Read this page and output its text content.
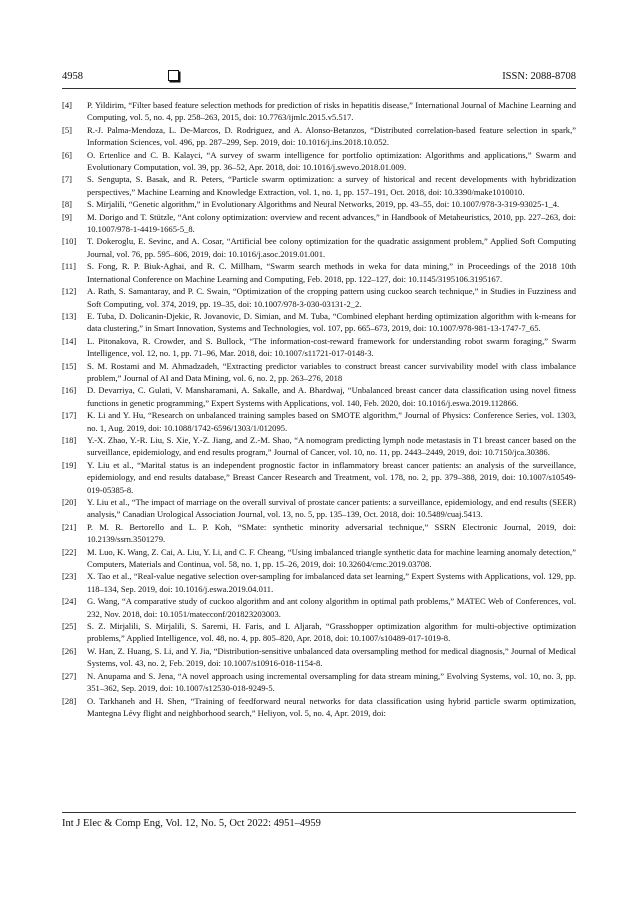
4958	ISSN: 2088-8708
[4] P. Yildirim, “Filter based feature selection methods for prediction of risks in hepatitis disease,” International Journal of Machine Learning and Computing, vol. 5, no. 4, pp. 258–263, 2015, doi: 10.7763/ijmlc.2015.v5.517.
[5] R.-J. Palma-Mendoza, L. De-Marcos, D. Rodriguez, and A. Alonso-Betanzos, “Distributed correlation-based feature selection in spark,” Information Sciences, vol. 496, pp. 287–299, Sep. 2019, doi: 10.1016/j.ins.2018.10.052.
[6] O. Ertenlice and C. B. Kalayci, “A survey of swarm intelligence for portfolio optimization: Algorithms and applications,” Swarm and Evolutionary Computation, vol. 39, pp. 36–52, Apr. 2018, doi: 10.1016/j.swevo.2018.01.009.
[7] S. Sengupta, S. Basak, and R. Peters, “Particle swarm optimization: a survey of historical and recent developments with hybridization perspectives,” Machine Learning and Knowledge Extraction, vol. 1, no. 1, pp. 157–191, Oct. 2018, doi: 10.3390/make1010010.
[8] S. Mirjalili, “Genetic algorithm,” in Evolutionary Algorithms and Neural Networks, 2019, pp. 43–55, doi: 10.1007/978-3-319-93025-1_4.
[9] M. Dorigo and T. Stützle, “Ant colony optimization: overview and recent advances,” in Handbook of Metaheuristics, 2010, pp. 227–263, doi: 10.1007/978-1-4419-1665-5_8.
[10] T. Dokeroglu, E. Sevinc, and A. Cosar, “Artificial bee colony optimization for the quadratic assignment problem,” Applied Soft Computing Journal, vol. 76, pp. 595–606, 2019, doi: 10.1016/j.asoc.2019.01.001.
[11] S. Fong, R. P. Biuk-Aghai, and R. C. Millham, “Swarm search methods in weka for data mining,” in Proceedings of the 2018 10th International Conference on Machine Learning and Computing, Feb. 2018, pp. 122–127, doi: 10.1145/3195106.3195167.
[12] A. Rath, S. Samantaray, and P. C. Swain, “Optimization of the cropping pattern using cuckoo search technique,” in Studies in Fuzziness and Soft Computing, vol. 374, 2019, pp. 19–35, doi: 10.1007/978-3-030-03131-2_2.
[13] E. Tuba, D. Dolicanin-Djekic, R. Jovanovic, D. Simian, and M. Tuba, “Combined elephant herding optimization algorithm with k-means for data clustering,” in Smart Innovation, Systems and Technologies, vol. 107, pp. 665–673, 2019, doi: 10.1007/978-981-13-1747-7_65.
[14] L. Pitonakova, R. Crowder, and S. Bullock, “The information-cost-reward framework for understanding robot swarm foraging,” Swarm Intelligence, vol. 12, no. 1, pp. 71–96, Mar. 2018, doi: 10.1007/s11721-017-0148-3.
[15] S. M. Rostami and M. Ahmadzadeh, “Extracting predictor variables to construct breast cancer survivability model with class imbalance problem,” Journal of AI and Data Mining, vol. 6, no. 2, pp. 263–276, 2018
[16] D. Devarriya, C. Gulati, V. Mansharamani, A. Sakalle, and A. Bhardwaj, “Unbalanced breast cancer data classification using novel fitness functions in genetic programming,” Expert Systems with Applications, vol. 140, Feb. 2020, doi: 10.1016/j.eswa.2019.112866.
[17] K. Li and Y. Hu, “Research on unbalanced training samples based on SMOTE algorithm,” Journal of Physics: Conference Series, vol. 1303, no. 1, Aug. 2019, doi: 10.1088/1742-6596/1303/1/012095.
[18] Y.-X. Zhao, Y.-R. Liu, S. Xie, Y.-Z. Jiang, and Z.-M. Shao, “A nomogram predicting lymph node metastasis in T1 breast cancer based on the surveillance, epidemiology, and end results program,” Journal of Cancer, vol. 10, no. 11, pp. 2443–2449, 2019, doi: 10.7150/jca.30386.
[19] Y. Liu et al., “Marital status is an independent prognostic factor in inflammatory breast cancer patients: an analysis of the surveillance, epidemiology, and end results database,” Breast Cancer Research and Treatment, vol. 178, no. 2, pp. 379–388, 2019, doi: 10.1007/s10549-019-05385-8.
[20] Y. Liu et al., “The impact of marriage on the overall survival of prostate cancer patients: a surveillance, epidemiology, and end results (SEER) analysis,” Canadian Urological Association Journal, vol. 13, no. 5, pp. 135–139, Oct. 2018, doi: 10.5489/cuaj.5413.
[21] P. M. R. Bertorello and L. P. Koh, “SMate: synthetic minority adversarial technique,” SSRN Electronic Journal, 2019, doi: 10.2139/ssrn.3501279.
[22] M. Luo, K. Wang, Z. Cai, A. Liu, Y. Li, and C. F. Cheang, “Using imbalanced triangle synthetic data for machine learning anomaly detection,” Computers, Materials and Continua, vol. 58, no. 1, pp. 15–26, 2019, doi: 10.32604/cmc.2019.03708.
[23] X. Tao et al., “Real-value negative selection over-sampling for imbalanced data set learning,” Expert Systems with Applications, vol. 129, pp. 118–134, Sep. 2019, doi: 10.1016/j.eswa.2019.04.011.
[24] G. Wang, “A comparative study of cuckoo algorithm and ant colony algorithm in optimal path problems,” MATEC Web of Conferences, vol. 232, Nov. 2018, doi: 10.1051/matecconf/201823203003.
[25] S. Z. Mirjalili, S. Mirjalili, S. Saremi, H. Faris, and I. Aljarah, “Grasshopper optimization algorithm for multi-objective optimization problems,” Applied Intelligence, vol. 48, no. 4, pp. 805–820, Apr. 2018, doi: 10.1007/s10489-017-1019-8.
[26] W. Han, Z. Huang, S. Li, and Y. Jia, “Distribution-sensitive unbalanced data oversampling method for medical diagnosis,” Journal of Medical Systems, vol. 43, no. 2, Feb. 2019, doi: 10.1007/s10916-018-1154-8.
[27] N. Anupama and S. Jena, “A novel approach using incremental oversampling for data stream mining,” Evolving Systems, vol. 10, no. 3, pp. 351–362, Sep. 2019, doi: 10.1007/s12530-018-9249-5.
[28] O. Tarkhaneh and H. Shen, “Training of feedforward neural networks for data classification using hybrid particle swarm optimization, Mantegna Lévy flight and neighborhood search,” Heliyon, vol. 5, no. 4, Apr. 2019, doi:
Int J Elec & Comp Eng, Vol. 12, No. 5, Oct 2022: 4951–4959
